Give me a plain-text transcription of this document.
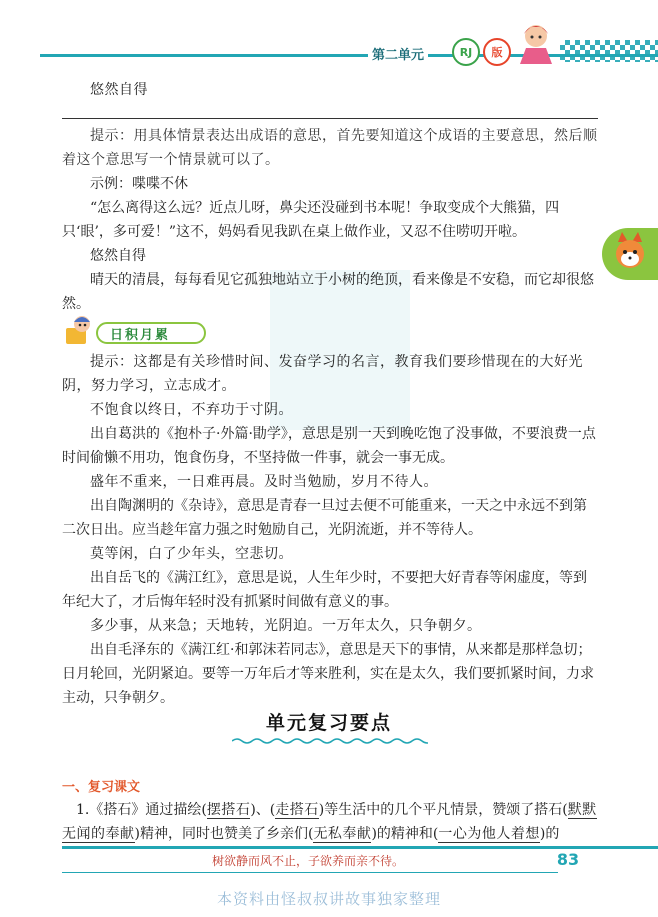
第二单元	RJ	版

悠然自得

提示：用具体情景表达出成语的意思，首先要知道这个成语的主要意思，然后顺着这个意思写一个情景就可以了。

示例：喋喋不休

“怎么离得这么远？近点儿呀，鼻尖还没碰到书本呢！争取变成个大熊猫，四只‘眼’，多可爱！”这不，妈妈看见我趴在桌上做作业，又忍不住唠叨开啦。

悠然自得

晴天的清晨，每每看见它孤独地站立于小树的绝顶，看来像是不安稳，而它却很悠然。

日积月累

提示：这都是有关珍惜时间、发奋学习的名言，教育我们要珍惜现在的大好光阴，努力学习，立志成才。

不饱食以终日，不弃功于寸阴。

出自葛洪的《抱朴子·外篇·勖学》，意思是别一天到晚吃饱了没事做，不要浪费一点时间偷懒不用功，饱食伤身，不坚持做一件事，就会一事无成。

盛年不重来，一日难再晨。及时当勉励，岁月不待人。

出自陶渊明的《杂诗》，意思是青春一旦过去便不可能重来，一天之中永远不到第二次日出。应当趁年富力强之时勉励自己，光阴流逝，并不等待人。

莫等闲，白了少年头，空悲切。

出自岳飞的《满江红》，意思是说，人生年少时，不要把大好青春等闲虚度，等到年纪大了，才后悔年轻时没有抓紧时间做有意义的事。

多少事，从来急；天地转，光阴迫。一万年太久，只争朝夕。

出自毛泽东的《满江红·和郭沫若同志》，意思是天下的事情，从来都是那样急切；日月轮回，光阴紧迫。要等一万年后才等来胜利，实在是太久，我们要抓紧时间，力求主动，只争朝夕。

单元复习要点
一、复习课文

1.《搭石》通过描绘(摆搭石)、(走搭石)等生活中的几个平凡情景，赞颂了搭石(默默无闻的奉献)精神，同时也赞美了乡亲们(无私奉献)的精神和(一心为他人着想)的

树欲静而风不止，子欲养而亲不待。	83
本资料由怪叔叔讲故事独家整理
